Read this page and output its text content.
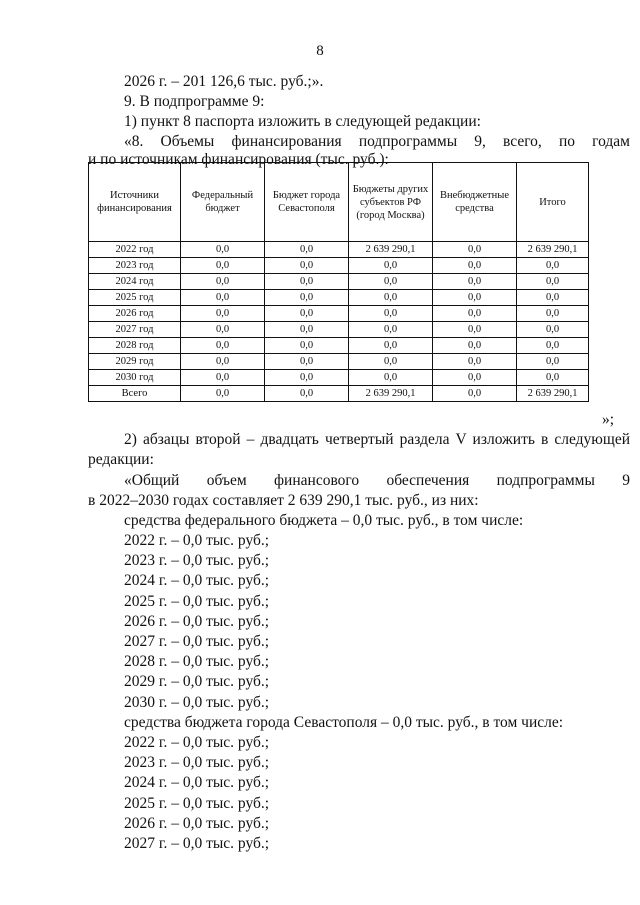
8
2026 г. – 201 126,6 тыс. руб.;».
9. В подпрограмме 9:
1) пункт 8 паспорта изложить в следующей редакции:
«8. Объемы финансирования подпрограммы 9, всего, по годам
и по источникам финансирования (тыс. руб.):
Источники финансирования	Федеральный бюджет	Бюджет города Севастополя	Бюджеты других субъектов РФ (город Москва)	Внебюджетные средства	Итого
2022 год	0,0	0,0	2 639 290,1	0,0	2 639 290,1
2023 год	0,0	0,0	0,0	0,0	0,0
2024 год	0,0	0,0	0,0	0,0	0,0
2025 год	0,0	0,0	0,0	0,0	0,0
2026 год	0,0	0,0	0,0	0,0	0,0
2027 год	0,0	0,0	0,0	0,0	0,0
2028 год	0,0	0,0	0,0	0,0	0,0
2029 год	0,0	0,0	0,0	0,0	0,0
2030 год	0,0	0,0	0,0	0,0	0,0
Всего	0,0	0,0	2 639 290,1	0,0	2 639 290,1
»;
2) абзацы второй – двадцать четвертый раздела V изложить в следующей
редакции:
«Общий объем финансового обеспечения подпрограммы 9
в 2022–2030 годах составляет 2 639 290,1 тыс. руб., из них:
средства федерального бюджета – 0,0 тыс. руб., в том числе:
2022 г. – 0,0 тыс. руб.;
2023 г. – 0,0 тыс. руб.;
2024 г. – 0,0 тыс. руб.;
2025 г. – 0,0 тыс. руб.;
2026 г. – 0,0 тыс. руб.;
2027 г. – 0,0 тыс. руб.;
2028 г. – 0,0 тыс. руб.;
2029 г. – 0,0 тыс. руб.;
2030 г. – 0,0 тыс. руб.;
средства бюджета города Севастополя – 0,0 тыс. руб., в том числе:
2022 г. – 0,0 тыс. руб.;
2023 г. – 0,0 тыс. руб.;
2024 г. – 0,0 тыс. руб.;
2025 г. – 0,0 тыс. руб.;
2026 г. – 0,0 тыс. руб.;
2027 г. – 0,0 тыс. руб.;
